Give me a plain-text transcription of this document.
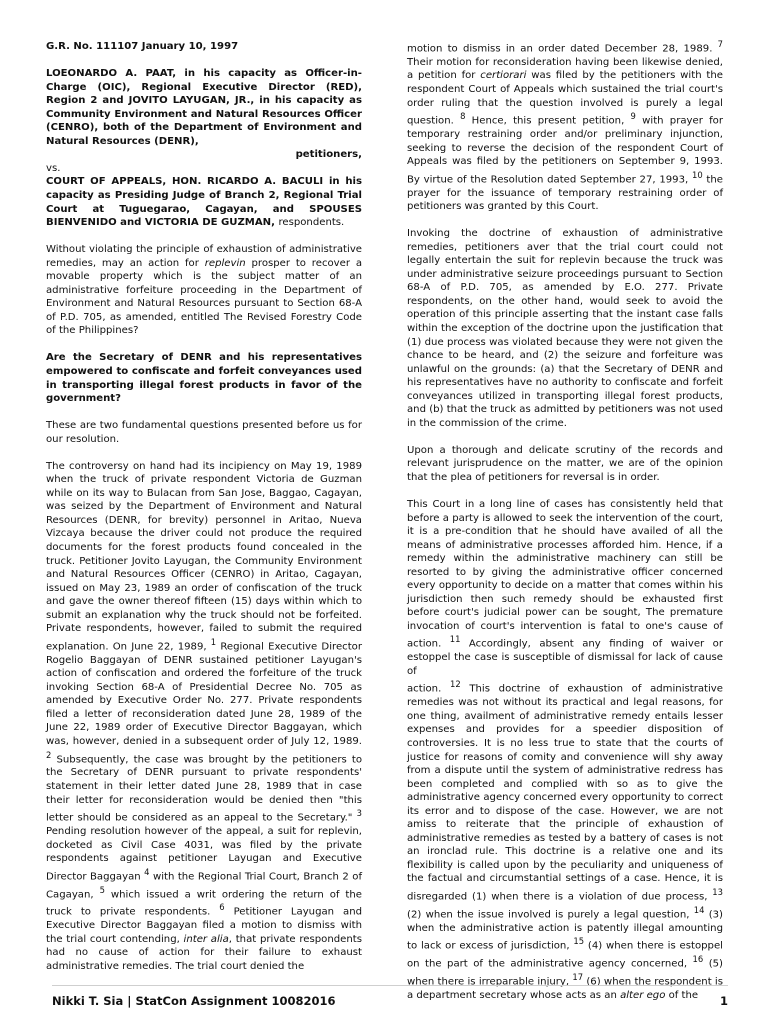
G.R. No. 111107 January 10, 1997

LOEONARDO A. PAAT, in his capacity as Officer-in-Charge (OIC), Regional Executive Director (RED), Region 2 and JOVITO LAYUGAN, JR., in his capacity as Community Environment and Natural Resources Officer (CENRO), both of the Department of Environment and Natural Resources (DENR),

petitioners,

vs.

COURT OF APPEALS, HON. RICARDO A. BACULI in his capacity as Presiding Judge of Branch 2, Regional Trial Court at Tuguegarao, Cagayan, and SPOUSES BIENVENIDO and VICTORIA DE GUZMAN, respondents.

Without violating the principle of exhaustion of administrative remedies, may an action for replevin prosper to recover a movable property which is the subject matter of an administrative forfeiture proceeding in the Department of Environment and Natural Resources pursuant to Section 68-A of P.D. 705, as amended, entitled The Revised Forestry Code of the Philippines?

Are the Secretary of DENR and his representatives empowered to confiscate and forfeit conveyances used in transporting illegal forest products in favor of the government?

These are two fundamental questions presented before us for our resolution.

The controversy on hand had its incipiency on May 19, 1989 when the truck of private respondent Victoria de Guzman while on its way to Bulacan from San Jose, Baggao, Cagayan, was seized by the Department of Environment and Natural Resources (DENR, for brevity) personnel in Aritao, Nueva Vizcaya because the driver could not produce the required documents for the forest products found concealed in the truck. Petitioner Jovito Layugan, the Community Environment and Natural Resources Officer (CENRO) in Aritao, Cagayan, issued on May 23, 1989 an order of confiscation of the truck and gave the owner thereof fifteen (15) days within which to submit an explanation why the truck should not be forfeited. Private respondents, however, failed to submit the required explanation. On June 22, 1989, $^1$ Regional Executive Director Rogelio Baggayan of DENR sustained petitioner Layugan's action of confiscation and ordered the forfeiture of the truck invoking Section 68-A of Presidential Decree No. 705 as amended by Executive Order No. 277. Private respondents filed a letter of reconsideration dated June 28, 1989 of the June 22, 1989 order of Executive Director Baggayan, which was, however, denied in a subsequent order of July 12, 1989. $^2$ Subsequently, the case was brought by the petitioners to the Secretary of DENR pursuant to private respondents' statement in their letter dated June 28, 1989 that in case their letter for reconsideration would be denied then "this letter should be considered as an appeal to the Secretary." $^3$ Pending resolution however of the appeal, a suit for replevin, docketed as Civil Case 4031, was filed by the private respondents against petitioner Layugan and Executive Director Baggayan $^4$ with the Regional Trial Court, Branch 2 of Cagayan, $^5$ which issued a writ ordering the return of the truck to private respondents. $^6$ Petitioner Layugan and Executive Director Baggayan filed a motion to dismiss with the trial court contending, inter alia, that private respondents had no cause of action for their failure to exhaust administrative remedies. The trial court denied the

motion to dismiss in an order dated December 28, 1989. $^7$ Their motion for reconsideration having been likewise denied, a petition for certiorari was filed by the petitioners with the respondent Court of Appeals which sustained the trial court's order ruling that the question involved is purely a legal question. $^8$ Hence, this present petition, $^9$ with prayer for temporary restraining order and/or preliminary injunction, seeking to reverse the decision of the respondent Court of Appeals was filed by the petitioners on September 9, 1993. By virtue of the Resolution dated September 27, 1993, $^{10}$ the prayer for the issuance of temporary restraining order of petitioners was granted by this Court.

Invoking the doctrine of exhaustion of administrative remedies, petitioners aver that the trial court could not legally entertain the suit for replevin because the truck was under administrative seizure proceedings pursuant to Section 68-A of P.D. 705, as amended by E.O. 277. Private respondents, on the other hand, would seek to avoid the operation of this principle asserting that the instant case falls within the exception of the doctrine upon the justification that (1) due process was violated because they were not given the chance to be heard, and (2) the seizure and forfeiture was unlawful on the grounds: (a) that the Secretary of DENR and his representatives have no authority to confiscate and forfeit conveyances utilized in transporting illegal forest products, and (b) that the truck as admitted by petitioners was not used in the commission of the crime.

Upon a thorough and delicate scrutiny of the records and relevant jurisprudence on the matter, we are of the opinion that the plea of petitioners for reversal is in order.

This Court in a long line of cases has consistently held that before a party is allowed to seek the intervention of the court, it is a pre-condition that he should have availed of all the means of administrative processes afforded him. Hence, if a remedy within the administrative machinery can still be resorted to by giving the administrative officer concerned every opportunity to decide on a matter that comes within his jurisdiction then such remedy should be exhausted first before court's judicial power can be sought, The premature invocation of court's intervention is fatal to one's cause of action. $^{11}$ Accordingly, absent any finding of waiver or estoppel the case is susceptible of dismissal for lack of cause of

action. $^{12}$ This doctrine of exhaustion of administrative remedies was not without its practical and legal reasons, for one thing, availment of administrative remedy entails lesser expenses and provides for a speedier disposition of controversies. It is no less true to state that the courts of justice for reasons of comity and convenience will shy away from a dispute until the system of administrative redress has been completed and complied with so as to give the administrative agency concerned every opportunity to correct its error and to dispose of the case. However, we are not amiss to reiterate that the principle of exhaustion of administrative remedies as tested by a battery of cases is not an ironclad rule. This doctrine is a relative one and its flexibility is called upon by the peculiarity and uniqueness of the factual and circumstantial settings of a case. Hence, it is disregarded (1) when there is a violation of due process, $^{13}$ (2) when the issue involved is purely a legal question, $^{14}$ (3) when the administrative action is patently illegal amounting to lack or excess of jurisdiction, $^{15}$ (4) when there is estoppel on the part of the administrative agency concerned, $^{16}$ (5) when there is irreparable injury, $^{17}$ (6) when the respondent is a department secretary whose acts as an alter ego of the

Nikki T. Sia | StatCon Assignment 10082016	1
